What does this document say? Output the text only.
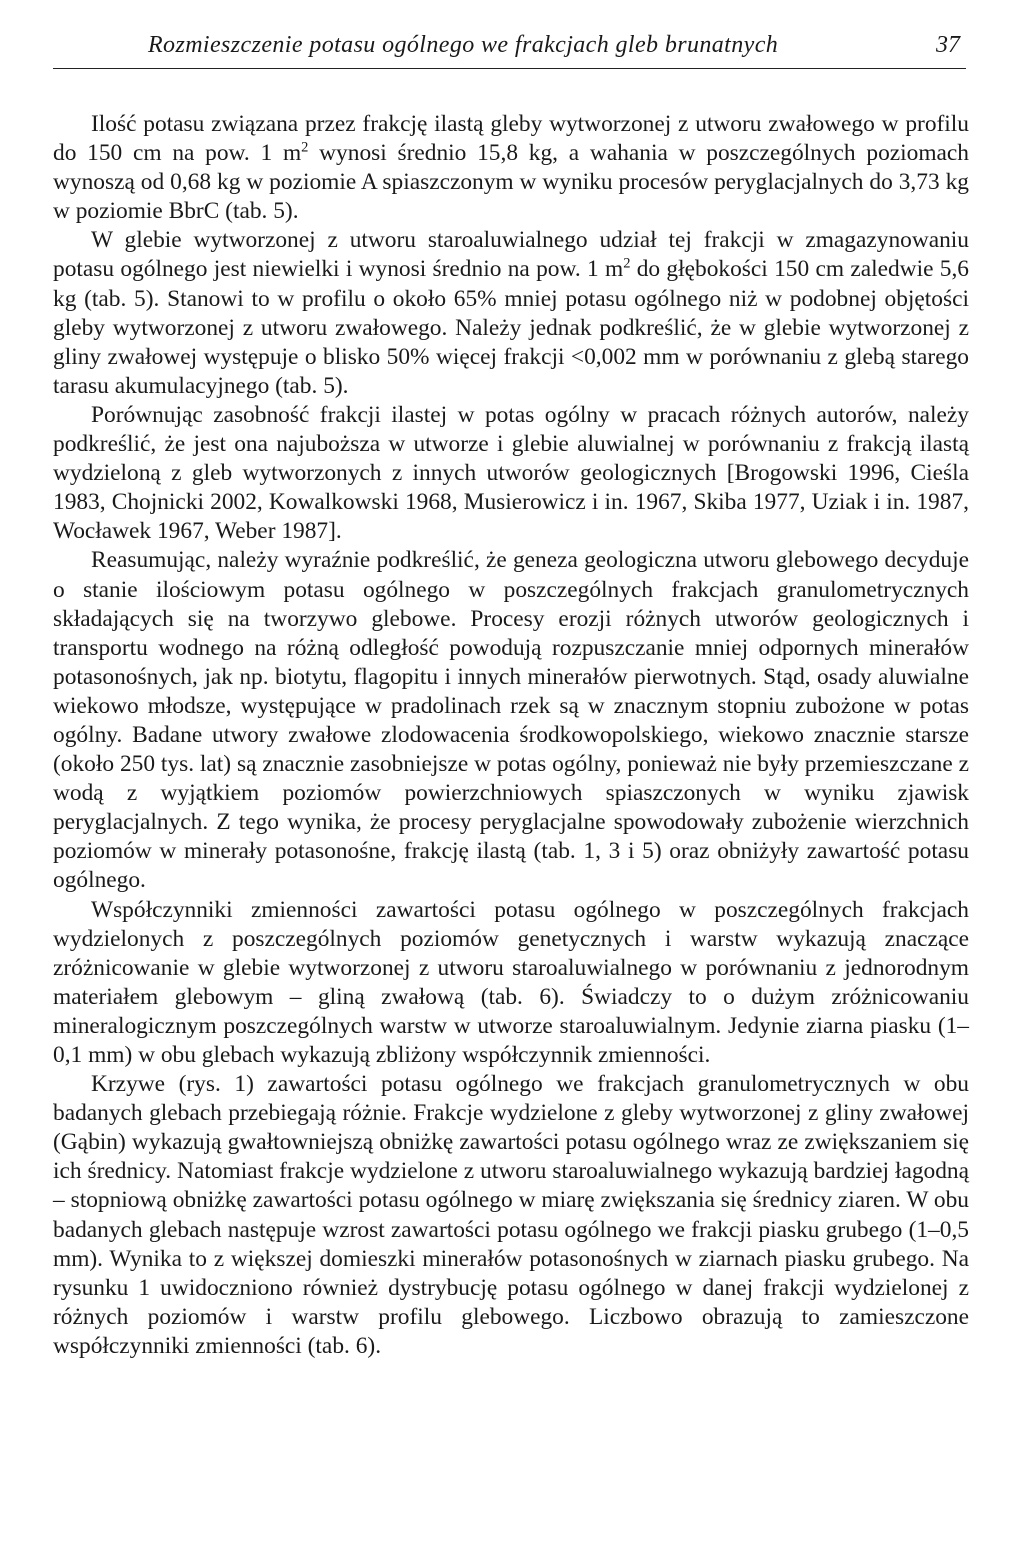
Rozmieszczenie potasu ogólnego we frakcjach gleb brunatnych	37

Ilość potasu związana przez frakcję ilastą gleby wytworzonej z utworu zwałowego w profilu do 150 cm na pow. 1 $m^2$ wynosi średnio 15,8 kg, a wahania w poszczególnych poziomach wynoszą od 0,68 kg w poziomie A spiaszczonym w wyniku procesów peryglacjalnych do 3,73 kg w poziomie BbrC (tab. 5).

W glebie wytworzonej z utworu staroaluwialnego udział tej frakcji w zmagazynowaniu potasu ogólnego jest niewielki i wynosi średnio na pow. 1 $m^2$ do głębokości 150 cm zaledwie 5,6 kg (tab. 5). Stanowi to w profilu o około 65% mniej potasu ogólnego niż w podobnej objętości gleby wytworzonej z utworu zwałowego. Należy jednak podkreślić, że w glebie wytworzonej z gliny zwałowej występuje o blisko 50% więcej frakcji <0,002 mm w porównaniu z glebą starego tarasu akumulacyjnego (tab. 5).

Porównując zasobność frakcji ilastej w potas ogólny w pracach różnych autorów, należy podkreślić, że jest ona najuboższa w utworze i glebie aluwialnej w porównaniu z frakcją ilastą wydzieloną z gleb wytworzonych z innych utworów geologicznych [Brogowski 1996, Cieśla 1983, Chojnicki 2002, Kowalkowski 1968, Musierowicz i in. 1967, Skiba 1977, Uziak i in. 1987, Wocławek 1967, Weber 1987].

Reasumując, należy wyraźnie podkreślić, że geneza geologiczna utworu glebowego decyduje o stanie ilościowym potasu ogólnego w poszczególnych frakcjach granulometrycznych składających się na tworzywo glebowe. Procesy erozji różnych utworów geologicznych i transportu wodnego na różną odległość powodują rozpuszczanie mniej odpornych minerałów potasonośnych, jak np. biotytu, flagopitu i innych minerałów pierwotnych. Stąd, osady aluwialne wiekowo młodsze, występujące w pradolinach rzek są w znacznym stopniu zubożone w potas ogólny. Badane utwory zwałowe zlodowacenia środkowopolskiego, wiekowo znacznie starsze (około 250 tys. lat) są znacznie zasobniejsze w potas ogólny, ponieważ nie były przemieszczane z wodą z wyjątkiem poziomów powierzchniowych spiaszczonych w wyniku zjawisk peryglacjalnych. Z tego wynika, że procesy peryglacjalne spowodowały zubożenie wierzchnich poziomów w minerały potasonośne, frakcję ilastą (tab. 1, 3 i 5) oraz obniżyły zawartość potasu ogólnego.

Współczynniki zmienności zawartości potasu ogólnego w poszczególnych frakcjach wydzielonych z poszczególnych poziomów genetycznych i warstw wykazują znaczące zróżnicowanie w glebie wytworzonej z utworu staroaluwialnego w porównaniu z jednorodnym materiałem glebowym – gliną zwałową (tab. 6). Świadczy to o dużym zróżnicowaniu mineralogicznym poszczególnych warstw w utworze staroaluwialnym. Jedynie ziarna piasku (1–0,1 mm) w obu glebach wykazują zbliżony współczynnik zmienności.

Krzywe (rys. 1) zawartości potasu ogólnego we frakcjach granulometrycznych w obu badanych glebach przebiegają różnie. Frakcje wydzielone z gleby wytworzonej z gliny zwałowej (Gąbin) wykazują gwałtowniejszą obniżkę zawartości potasu ogólnego wraz ze zwiększaniem się ich średnicy. Natomiast frakcje wydzielone z utworu staroaluwialnego wykazują bardziej łagodną – stopniową obniżkę zawartości potasu ogólnego w miarę zwiększania się średnicy ziaren. W obu badanych glebach następuje wzrost zawartości potasu ogólnego we frakcji piasku grubego (1–0,5 mm). Wynika to z większej domieszki minerałów potasonośnych w ziarnach piasku grubego. Na rysunku 1 uwidoczniono również dystrybucję potasu ogólnego w danej frakcji wydzielonej z różnych poziomów i warstw profilu glebowego. Liczbowo obrazują to zamieszczone współczynniki zmienności (tab. 6).
